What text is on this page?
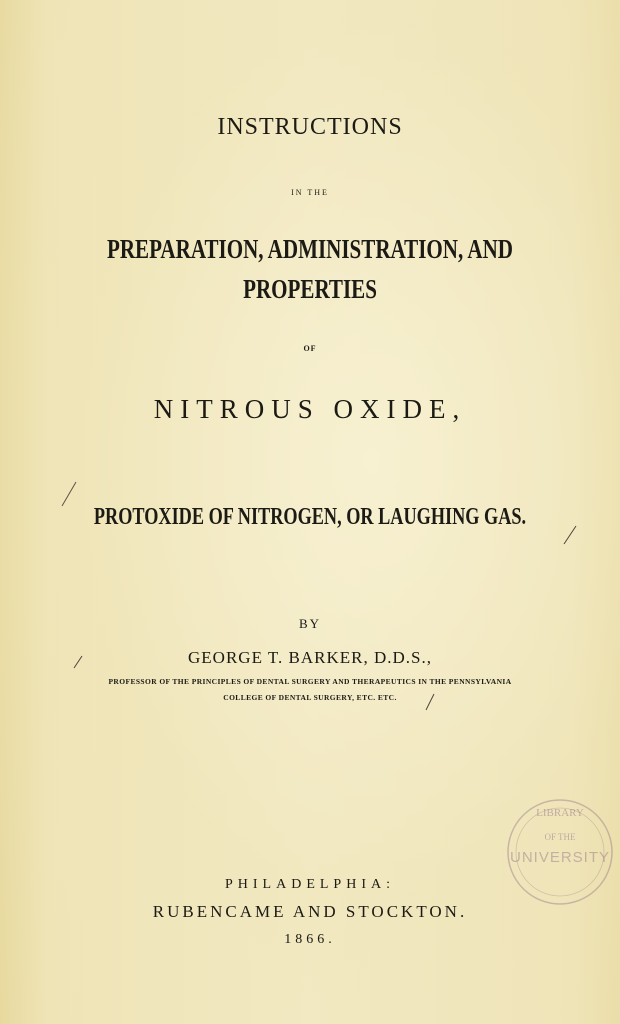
INSTRUCTIONS
IN THE
PREPARATION, ADMINISTRATION, AND
PROPERTIES
OF
NITROUS OXIDE,
PROTOXIDE OF NITROGEN, OR LAUGHING GAS.
BY
GEORGE T. BARKER, D.D.S.,
PROFESSOR OF THE PRINCIPLES OF DENTAL SURGERY AND THERAPEUTICS IN THE PENNSYLVANIA
COLLEGE OF DENTAL SURGERY, ETC. ETC.
PHILADELPHIA:
RUBENCAME AND STOCKTON.
1866.
LIBRARY
OF THE
UNIVERSITY
